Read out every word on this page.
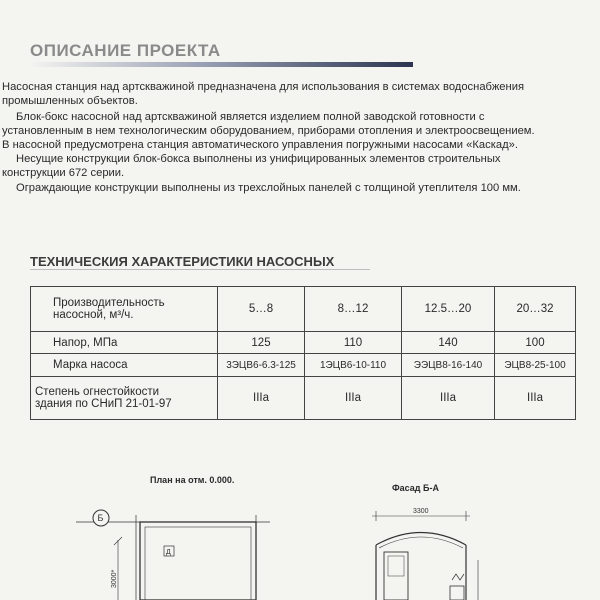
ОПИСАНИЕ ПРОЕКТА

Насосная станция над артскважиной предназначена для использования в системах водоснабжения

промышленных объектов.

Блок-бокс насосной над артскважиной является изделием полной заводской готовности с

установленным в нем технологическим оборудованием, приборами отопления и электроосвещением.

В насосной предусмотрена станция автоматического управления погружными насосами «Каскад».

Несущие конструкции блок-бокса выполнены из унифицированных элементов строительных

конструкции 672 серии.

Ограждающие конструкции выполнены из трехслойных панелей с толщиной утеплителя 100 мм.

ТЕХНИЧЕСКИЯ ХАРАКТЕРИСТИКИ НАСОСНЫХ
Производительность
насосной, м³/ч.	5…8	8…12	12.5…20	20…32

Напор, МПа	125	110	140	100

Марка насоса	3ЭЦВ6-6.3-125	1ЭЦВ6-10-110	ЭЭЦВ8-16-140	ЭЦВ8-25-100

Степень огнестойкости
здания по СНиП 21-01-97	IIIa	IIIa	IIIa	IIIa
План на отм. 0.000.
Фасад Б-А
Б
Д
3000*
3300
